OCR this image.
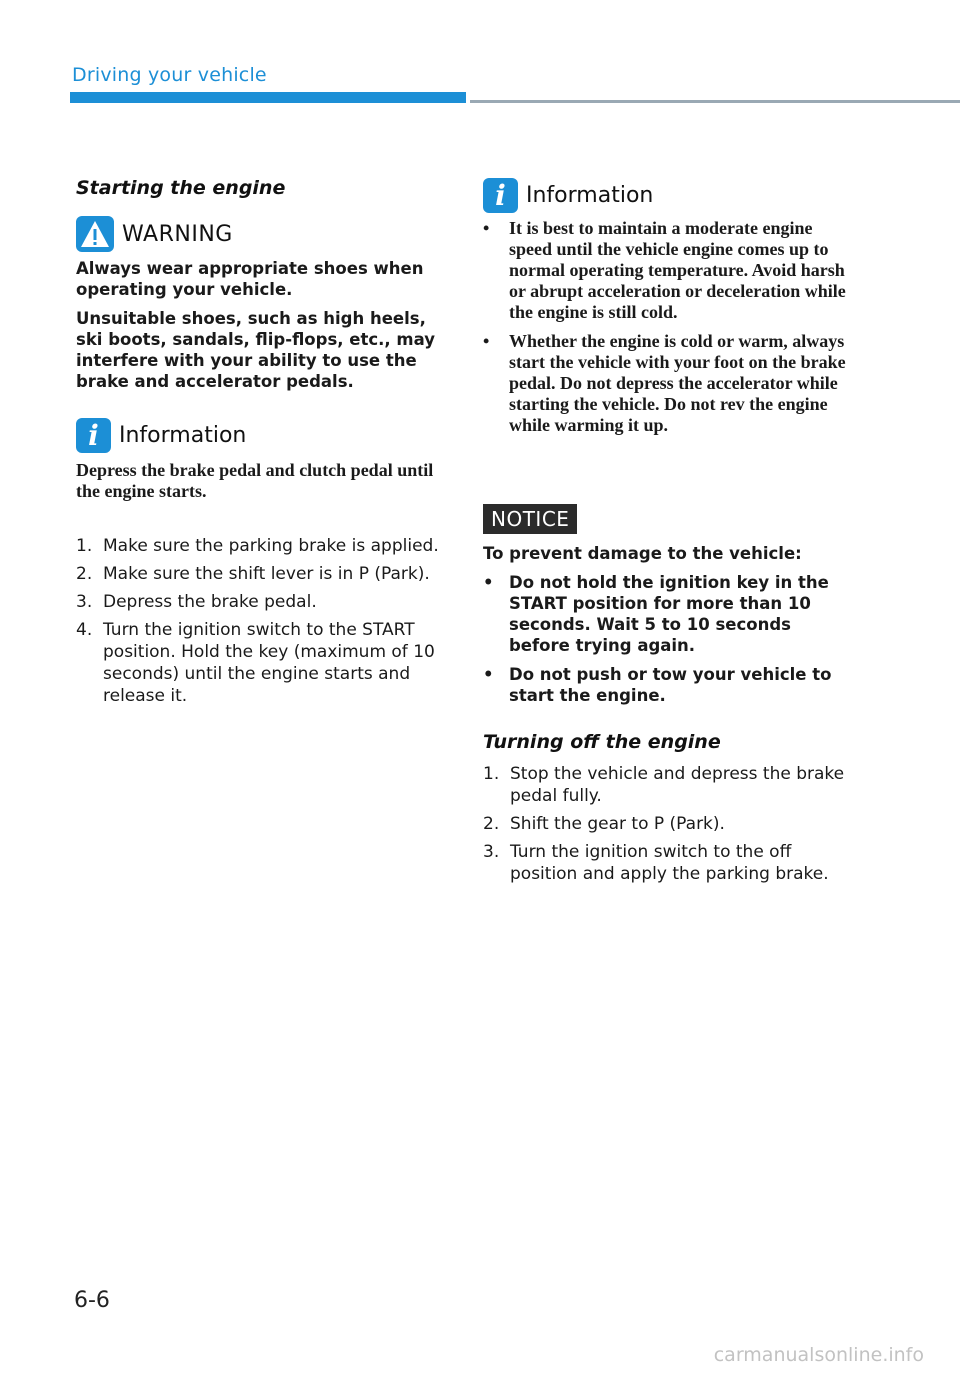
Driving your vehicle
Starting the engine
WARNING

Always wear appropriate shoes when operating your vehicle.

Unsuitable shoes, such as high heels, ski boots, sandals, flip-flops, etc., may interfere with your ability to use the brake and accelerator pedals.

i Information
Depress the brake pedal and clutch pedal until the engine starts.
1. Make sure the parking brake is applied.
2. Make sure the shift lever is in P (Park).
3. Depress the brake pedal.
4. Turn the ignition switch to the START position. Hold the key (maximum of 10 seconds) until the engine starts and release it.
i Information
•	It is best to maintain a moderate engine speed until the vehicle engine comes up to normal operating temperature. Avoid harsh or abrupt acceleration or deceleration while the engine is still cold.
•	Whether the engine is cold or warm, always start the vehicle with your foot on the brake pedal. Do not depress the accelerator while starting the vehicle. Do not rev the engine while warming it up.
NOTICE
To prevent damage to the vehicle:
• Do not hold the ignition key in the START position for more than 10 seconds. Wait 5 to 10 seconds before trying again.
• Do not push or tow your vehicle to start the engine.
Turning off the engine
1. Stop the vehicle and depress the brake pedal fully.
2. Shift the gear to P (Park).
3. Turn the ignition switch to the off position and apply the parking brake.
6-6
carmanualsonline.info
